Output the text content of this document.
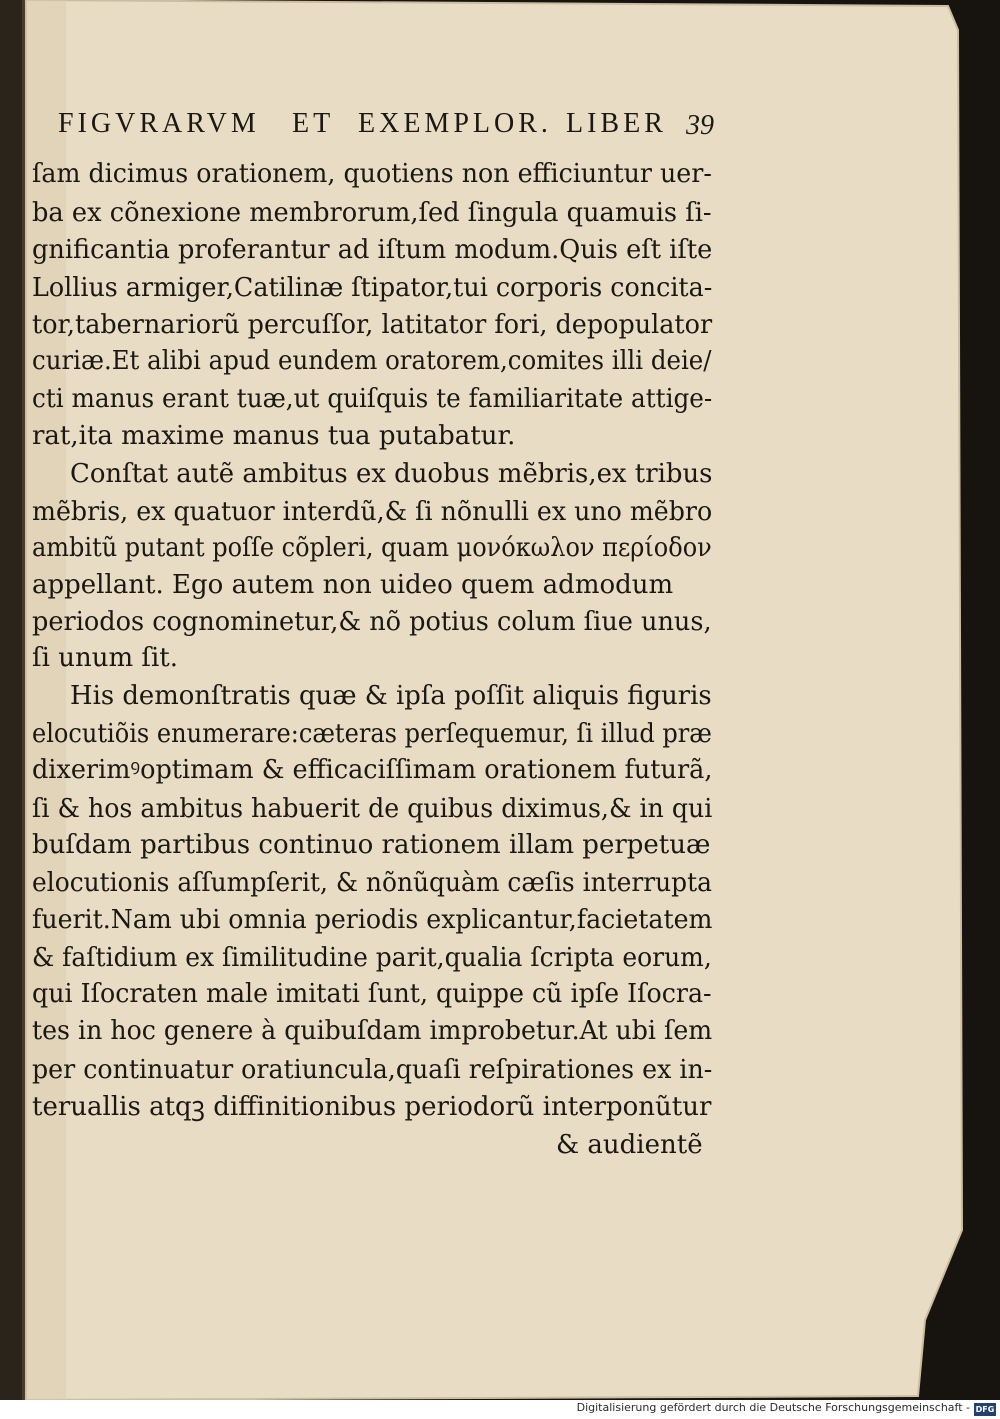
FIGVRARVM ET EXEMPLOR. LIBER 39
ſam dicimus orationem, quotiens non efficiuntur uer-
ba ex cõnexione membrorum,ſed ſingula quamuis ſi-
gnificantia proferantur ad iſtum modum.Quis eſt iſte
Lollius armiger,Catilinæ ſtipator,tui corporis concita-
tor,tabernariorũ percuſſor, latitator fori, depopulator
curiæ.Et alibi apud eundem oratorem,comites illi deie/
cti manus erant tuæ,ut quiſquis te familiaritate attige-
rat,ita maxime manus tua putabatur.
Conſtat autẽ ambitus ex duobus mẽbris,ex tribus
mẽbris, ex quatuor interdũ,& ſi nõnulli ex uno mẽbro
ambitũ putant poſſe cõpleri, quam μονόκωλον περίοδον
appellant. Ego autem non uideo quem admodum
periodos cognominetur,& nõ potius colum ſiue unus,
ſi unum ſit.
His demonſtratis quæ & ipſa poſſit aliquis figuris
elocutiõis enumerare:cæteras perſequemur, ſi illud præ
dixerimꝰoptimam & efficaciſſimam orationem futurã,
ſi & hos ambitus habuerit de quibus diximus,& in qui
buſdam partibus continuo rationem illam perpetuæ
elocutionis aſſumpſerit, & nõnũquàm cæſis interrupta
fuerit.Nam ubi omnia periodis explicantur,facietatem
& faſtidium ex ſimilitudine parit,qualia ſcripta eorum,
qui Iſocraten male imitati ſunt, quippe cũ ipſe Iſocra-
tes in hoc genere à quibuſdam improbetur.At ubi ſem
per continuatur oratiuncula,quaſi reſpirationes ex in-
teruallis atqꝫ diffinitionibus periodorũ interponũtur
& audientẽ
Digitalisierung gefördert durch die Deutsche Forschungsgemeinschaft - DFG
